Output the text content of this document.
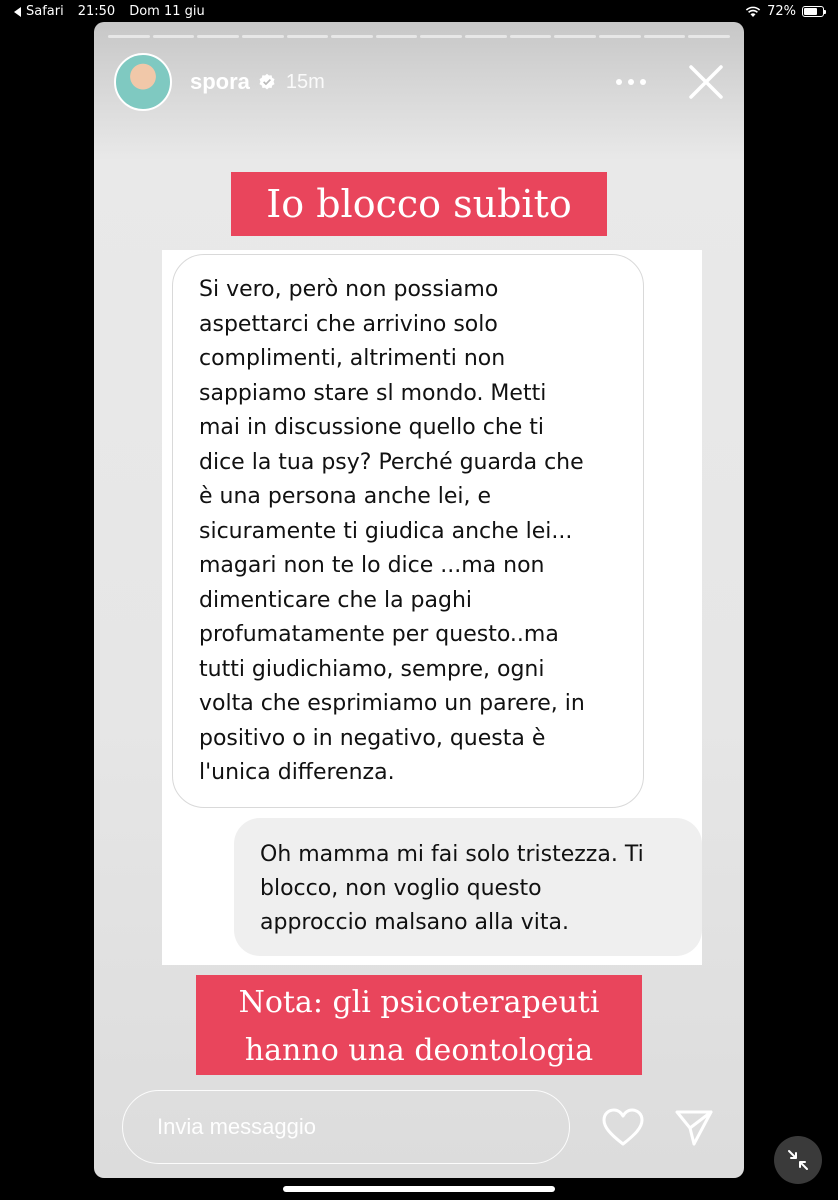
Safari 21:50 Dom 11 giu	72%
spora 15m
Io blocco subito
Si vero, però non possiamo
aspettarci che arrivino solo
complimenti, altrimenti non
sappiamo stare sl mondo. Metti
mai in discussione quello che ti
dice la tua psy? Perché guarda che
è una persona anche lei, e
sicuramente ti giudica anche lei...
magari non te lo dice ...ma non
dimenticare che la paghi
profumatamente per questo..ma
tutti giudichiamo, sempre, ogni
volta che esprimiamo un parere, in
positivo o in negativo, questa è
l'unica differenza.
Oh mamma mi fai solo tristezza. Ti
blocco, non voglio questo
approccio malsano alla vita.
Nota: gli psicoterapeuti
hanno una deontologia
Invia messaggio
